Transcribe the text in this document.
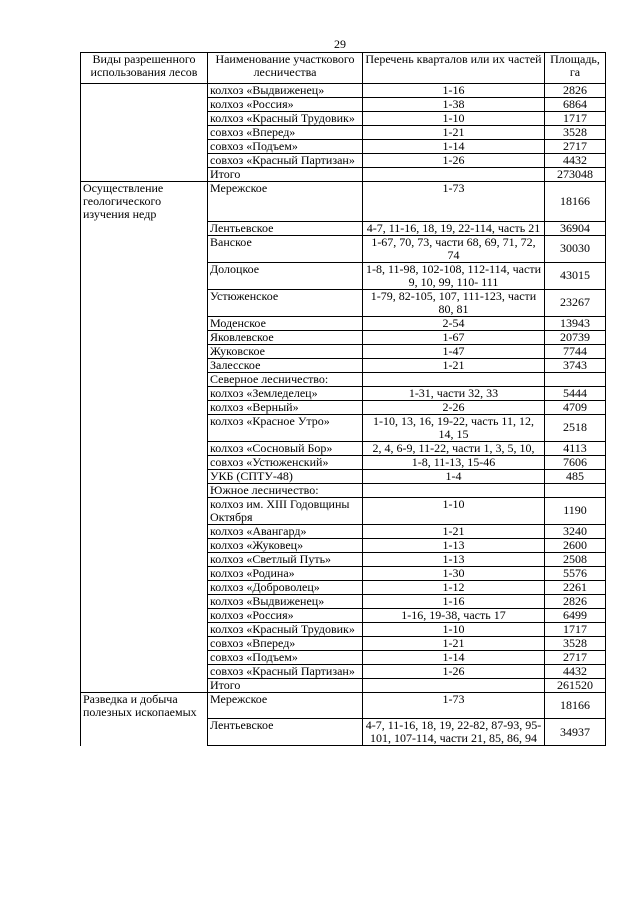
29
Виды разрешенного использования лесов	Наименование участкового лесничества	Перечень кварталов или их частей	Площадь, га
	колхоз «Выдвиженец»	1-16	2826
	колхоз «Россия»	1-38	6864
	колхоз «Красный Трудовик»	1-10	1717
	совхоз «Вперед»	1-21	3528
	совхоз «Подъем»	1-14	2717
	совхоз «Красный Партизан»	1-26	4432
	Итого		273048
Осуществление геологического изучения недр	Мережское	1-73	18166
	Лентьевское	4-7, 11-16, 18, 19, 22-114, часть 21	36904
	Ванское	1-67, 70, 73, части 68, 69, 71, 72, 74	30030
	Долоцкое	1-8, 11-98, 102-108, 112-114, части 9, 10, 99, 110- 111	43015
	Устюженское	1-79, 82-105, 107, 111-123, части 80, 81	23267
	Моденское	2-54	13943
	Яковлевское	1-67	20739
	Жуковское	1-47	7744
	Залесское	1-21	3743
	Северное лесничество:		
	колхоз «Земледелец»	1-31, части 32, 33	5444
	колхоз «Верный»	2-26	4709
	колхоз «Красное Утро»	1-10, 13, 16, 19-22, часть 11, 12, 14, 15	2518
	колхоз «Сосновый Бор»	2, 4, 6-9, 11-22, части 1, 3, 5, 10,	4113
	совхоз «Устюженский»	1-8, 11-13, 15-46	7606
	УКБ (СПТУ-48)	1-4	485
	Южное лесничество:		
	колхоз им. XIII Годовщины Октября	1-10	1190
	колхоз «Авангард»	1-21	3240
	колхоз «Жуковец»	1-13	2600
	колхоз «Светлый Путь»	1-13	2508
	колхоз «Родина»	1-30	5576
	колхоз «Доброволец»	1-12	2261
	колхоз «Выдвиженец»	1-16	2826
	колхоз «Россия»	1-16, 19-38, часть 17	6499
	колхоз «Красный Трудовик»	1-10	1717
	совхоз «Вперед»	1-21	3528
	совхоз «Подъем»	1-14	2717
	совхоз «Красный Партизан»	1-26	4432
	Итого		261520
Разведка и добыча полезных ископаемых	Мережское	1-73	18166
	Лентьевское	4-7, 11-16, 18, 19, 22-82, 87-93, 95-101, 107-114, части 21, 85, 86, 94	34937
